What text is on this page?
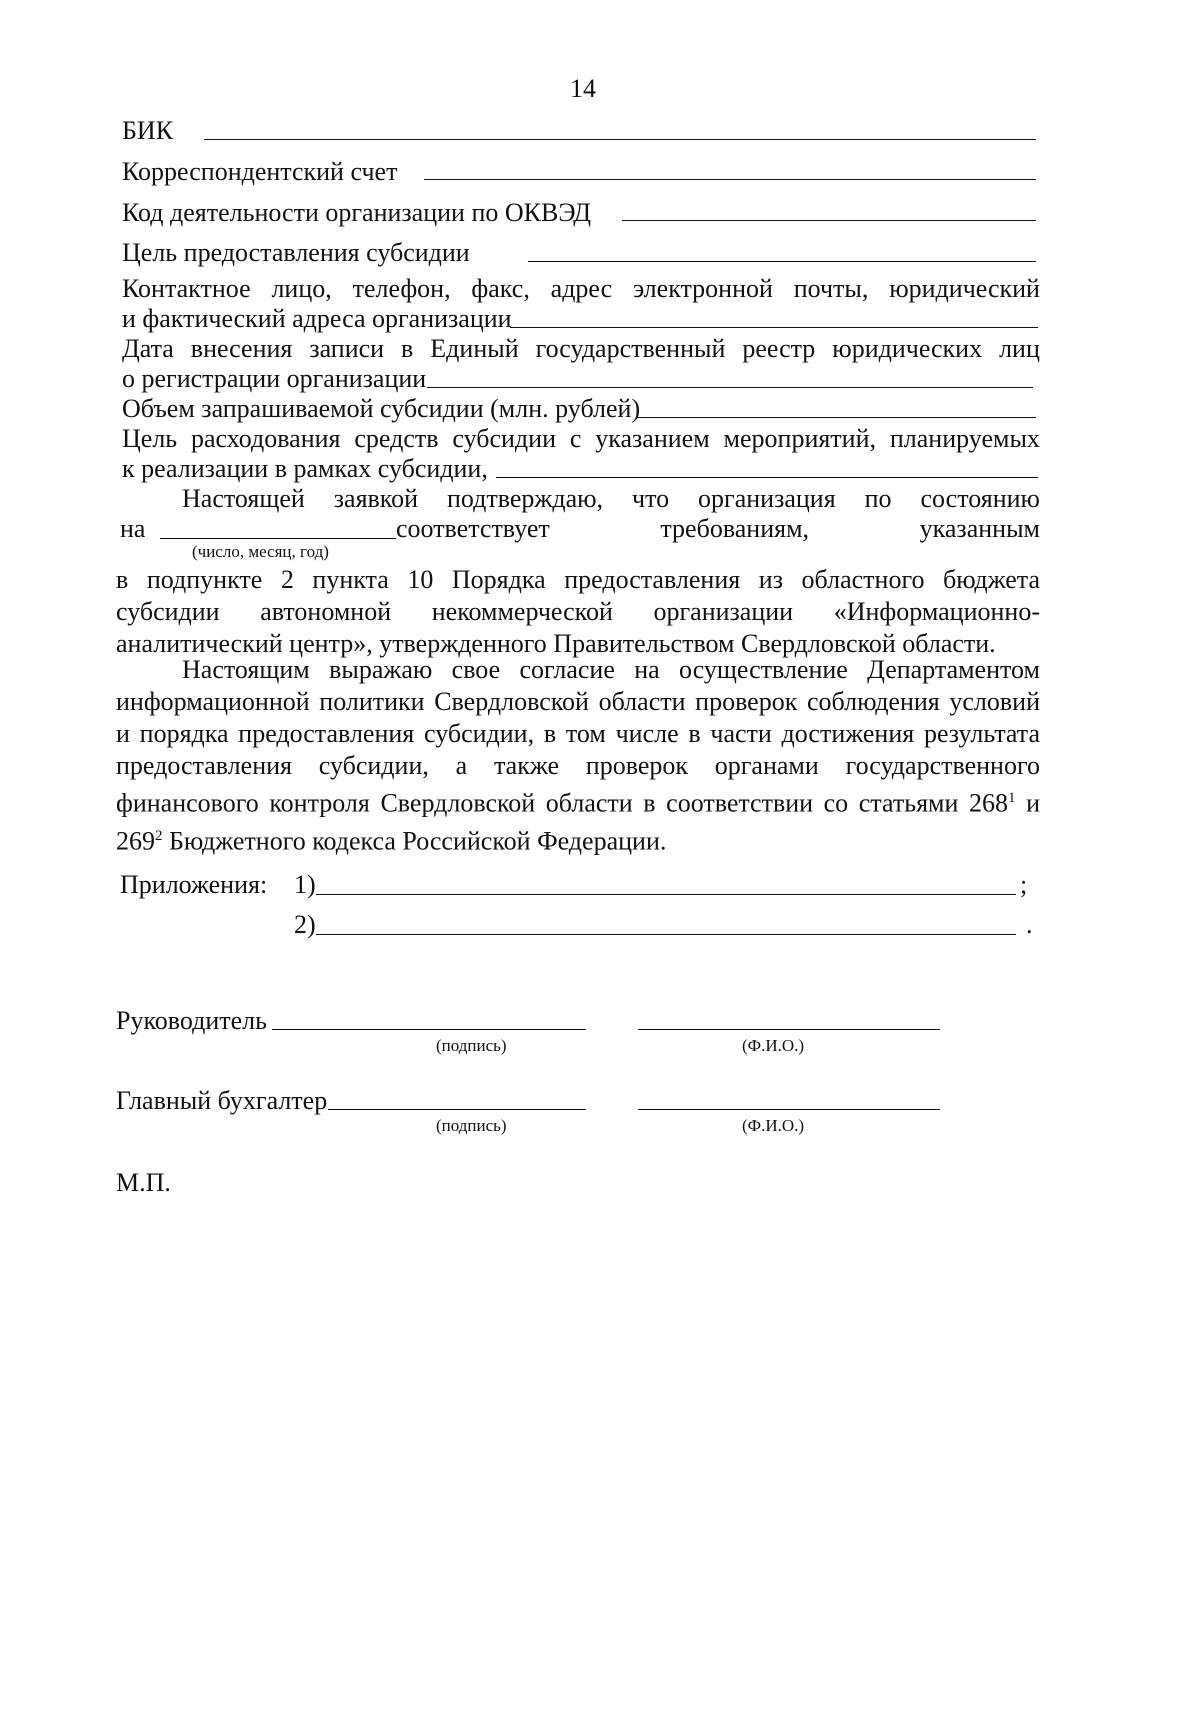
14
БИК
Корреспондентский счет
Код деятельности организации по ОКВЭД
Цель предоставления субсидии
Контактное лицо, телефон, факс, адрес электронной почты, юридический
и фактический адреса организации
Дата внесения записи в Единый государственный реестр юридических лиц
о регистрации организации
Объем запрашиваемой субсидии (млн. рублей)
Цель расходования средств субсидии с указанием мероприятий, планируемых
к реализации в рамках субсидии,
Настоящей заявкой подтверждаю, что организация по состоянию
на	соответствует	требованиям,	указанным
(число, месяц, год)
в подпункте 2 пункта 10 Порядка предоставления из областного бюджета субсидии автономной некоммерческой организации «Информационно-аналитический центр», утвержденного Правительством Свердловской области.
Настоящим выражаю свое согласие на осуществление Департаментом информационной политики Свердловской области проверок соблюдения условий и порядка предоставления субсидии, в том числе в части достижения результата предоставления субсидии, а также проверок органами государственного финансового контроля Свердловской области в соответствии со статьями $268^1$ и $269^2$ Бюджетного кодекса Российской Федерации.
Приложения: 1)	;
2)	.
Руководитель
(подпись)	(Ф.И.О.)
Главный бухгалтер
(подпись)	(Ф.И.О.)
М.П.
